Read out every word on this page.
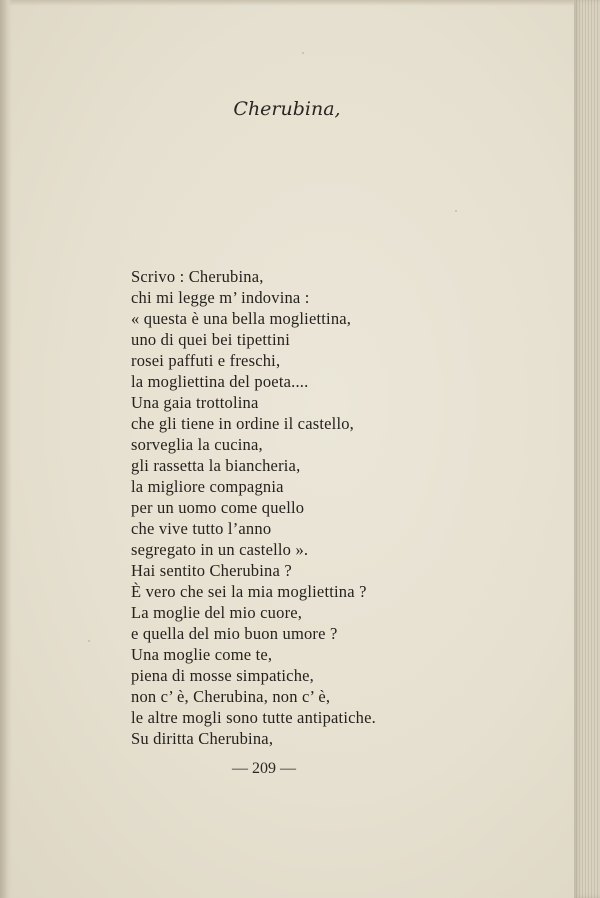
Cherubina,
Scrivo : Cherubina,
chi mi legge m’ indovina :
« questa è una bella mogliettina,
uno di quei bei tipettini
rosei paffuti e freschi,
la mogliettina del poeta....
Una gaia trottolina
che gli tiene in ordine il castello,
sorveglia la cucina,
gli rassetta la biancheria,
la migliore compagnia
per un uomo come quello
che vive tutto l’anno
segregato in un castello ».
Hai sentito Cherubina ?
È vero che sei la mia mogliettina ?
La moglie del mio cuore,
e quella del mio buon umore ?
Una moglie come te,
piena di mosse simpatiche,
non c’ è, Cherubina, non c’ è,
le altre mogli sono tutte antipatiche.
Su diritta Cherubina,
— 209 —
